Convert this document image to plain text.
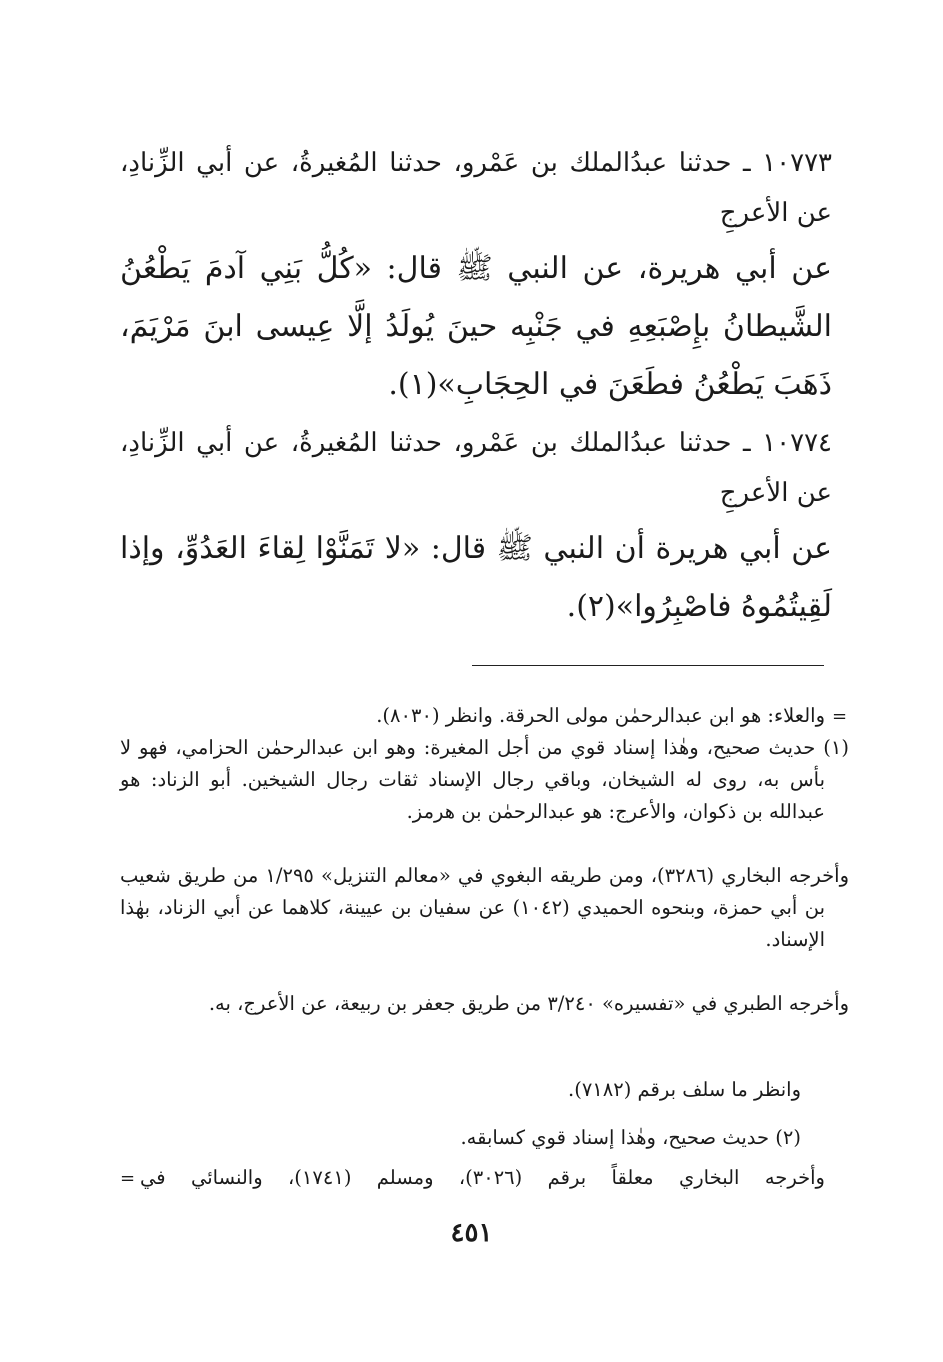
١٠٧٧٣ ـ حدثنا عبدُالملك بن عَمْرو، حدثنا المُغيرةُ، عن أبي الزِّنادِ، عن الأعرجِ

عن أبي هريرة، عن النبي ﷺ قال: «كُلُّ بَنِي آدمَ يَطْعُنُ الشَّيطانُ بإِصْبَعِهِ في جَنْبِه حينَ يُولَدُ إلَّا عِيسى ابنَ مَرْيَمَ، ذَهَبَ يَطْعُنُ فطَعَنَ في الحِجَابِ»(١).

١٠٧٧٤ ـ حدثنا عبدُالملك بن عَمْرو، حدثنا المُغيرةُ، عن أبي الزِّنادِ، عن الأعرجِ

عن أبي هريرة أن النبي ﷺ قال: «لا تَمَنَّوْا لِقاءَ العَدُوِّ، وإذا لَقِيتُمُوهُ فاصْبِرُوا»(٢).

=

والعلاء: هو ابن عبدالرحمٰن مولى الحرقة. وانظر (٨٠٣٠).

(١) حديث صحيح، وهٰذا إسناد قوي من أجل المغيرة: وهو ابن عبدالرحمٰن الحزامي، فهو لا بأس به، روى له الشيخان، وباقي رجال الإسناد ثقات رجال الشيخين. أبو الزناد: هو عبدالله بن ذكوان، والأعرج: هو عبدالرحمٰن بن هرمز.

وأخرجه البخاري (٣٢٨٦)، ومن طريقه البغوي في «معالم التنزيل» ١/٢٩٥ من طريق شعيب بن أبي حمزة، وبنحوه الحميدي (١٠٤٢) عن سفيان بن عيينة، كلاهما عن أبي الزناد، بهٰذا الإسناد.

وأخرجه الطبري في «تفسيره» ٣/٢٤٠ من طريق جعفر بن ربيعة، عن الأعرج، به.

وانظر ما سلف برقم (٧١٨٢).

(٢) حديث صحيح، وهٰذا إسناد قوي كسابقه.

وأخرجه البخاري معلقاً برقم (٣٠٢٦)، ومسلم (١٧٤١)، والنسائي في

=
٤٥١
